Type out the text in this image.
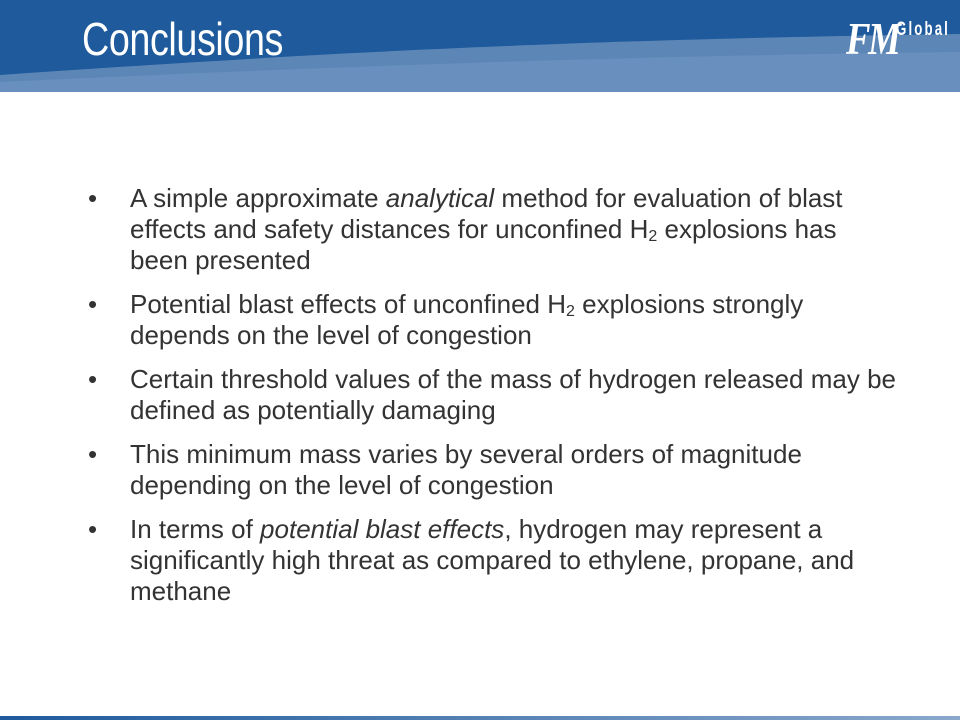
Conclusions	FM
Global
• A simple approximate analytical method for evaluation of blast effects and safety distances for unconfined $H_2$ explosions has been presented
• Potential blast effects of unconfined $H_2$ explosions strongly depends on the level of congestion
• Certain threshold values of the mass of hydrogen released may be defined as potentially damaging
• This minimum mass varies by several orders of magnitude depending on the level of congestion
• In terms of potential blast effects, hydrogen may represent a significantly high threat as compared to ethylene, propane, and methane
